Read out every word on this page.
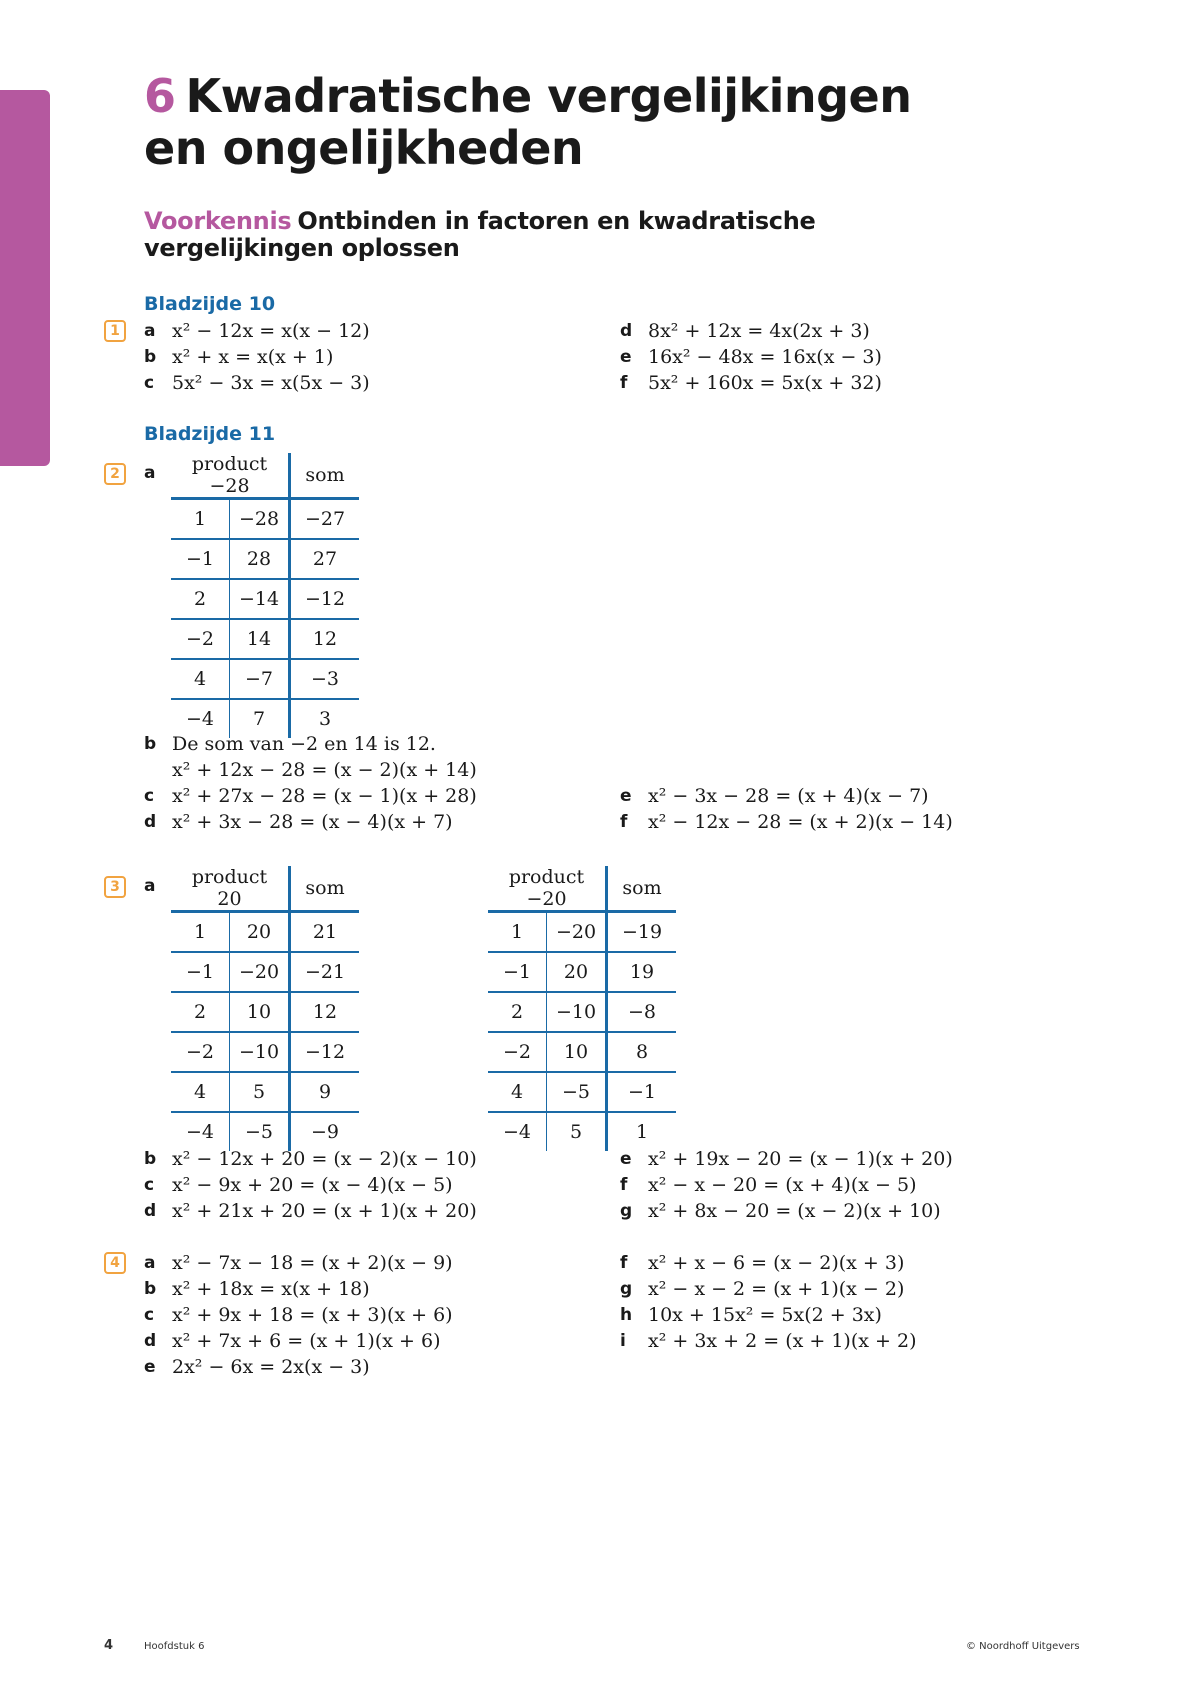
6 Kwadratische vergelijkingen
en ongelijkheden
Voorkennis Ontbinden in factoren en kwadratische
vergelijkingen oplossen
Bladzijde 10
1	a x² − 12x = x(x − 12)
b x² + x = x(x + 1)
c 5x² − 3x = x(5x − 3)
d 8x² + 12x = 4x(2x + 3)
e 16x² − 48x = 16x(x − 3)
f	5x² + 160x = 5x(x + 32)
Bladzijde 11
2	a	product −28		som
1	−28	−27
−1	28	27
2	−14	−12
−2	14	12
4	−7	−3
−4	7	3
b De som van −2 en 14 is 12.
x² + 12x − 28 = (x − 2)(x + 14)
c x² + 27x − 28 = (x − 1)(x + 28)
d x² + 3x − 28 = (x − 4)(x + 7)
e x² − 3x − 28 = (x + 4)(x − 7)
f	x² − 12x − 28 = (x + 2)(x − 14)
3	a	product 20		som
1	20	21
−1	−20	−21
2	10	12
−2	−10	−12
4	5	9
−4	−5	−9
product −20		som
1	−20	−19
−1	20	19
2	−10	−8
−2	10	8
4	−5	−1
−4	5	1
b x² − 12x + 20 = (x − 2)(x − 10)
c x² − 9x + 20 = (x − 4)(x − 5)
d x² + 21x + 20 = (x + 1)(x + 20)
e x² + 19x − 20 = (x − 1)(x + 20)
f	x² − x − 20 = (x + 4)(x − 5)
g x² + 8x − 20 = (x − 2)(x + 10)
4	a x² − 7x − 18 = (x + 2)(x − 9)
b x² + 18x = x(x + 18)
c x² + 9x + 18 = (x + 3)(x + 6)
d x² + 7x + 6 = (x + 1)(x + 6)
e 2x² − 6x = 2x(x − 3)
f	x² + x − 6 = (x − 2)(x + 3)
g x² − x − 2 = (x + 1)(x − 2)
h 10x + 15x² = 5x(2 + 3x)
i	x² + 3x + 2 = (x + 1)(x + 2)
4	Hoofdstuk 6	© Noordhoff Uitgevers
